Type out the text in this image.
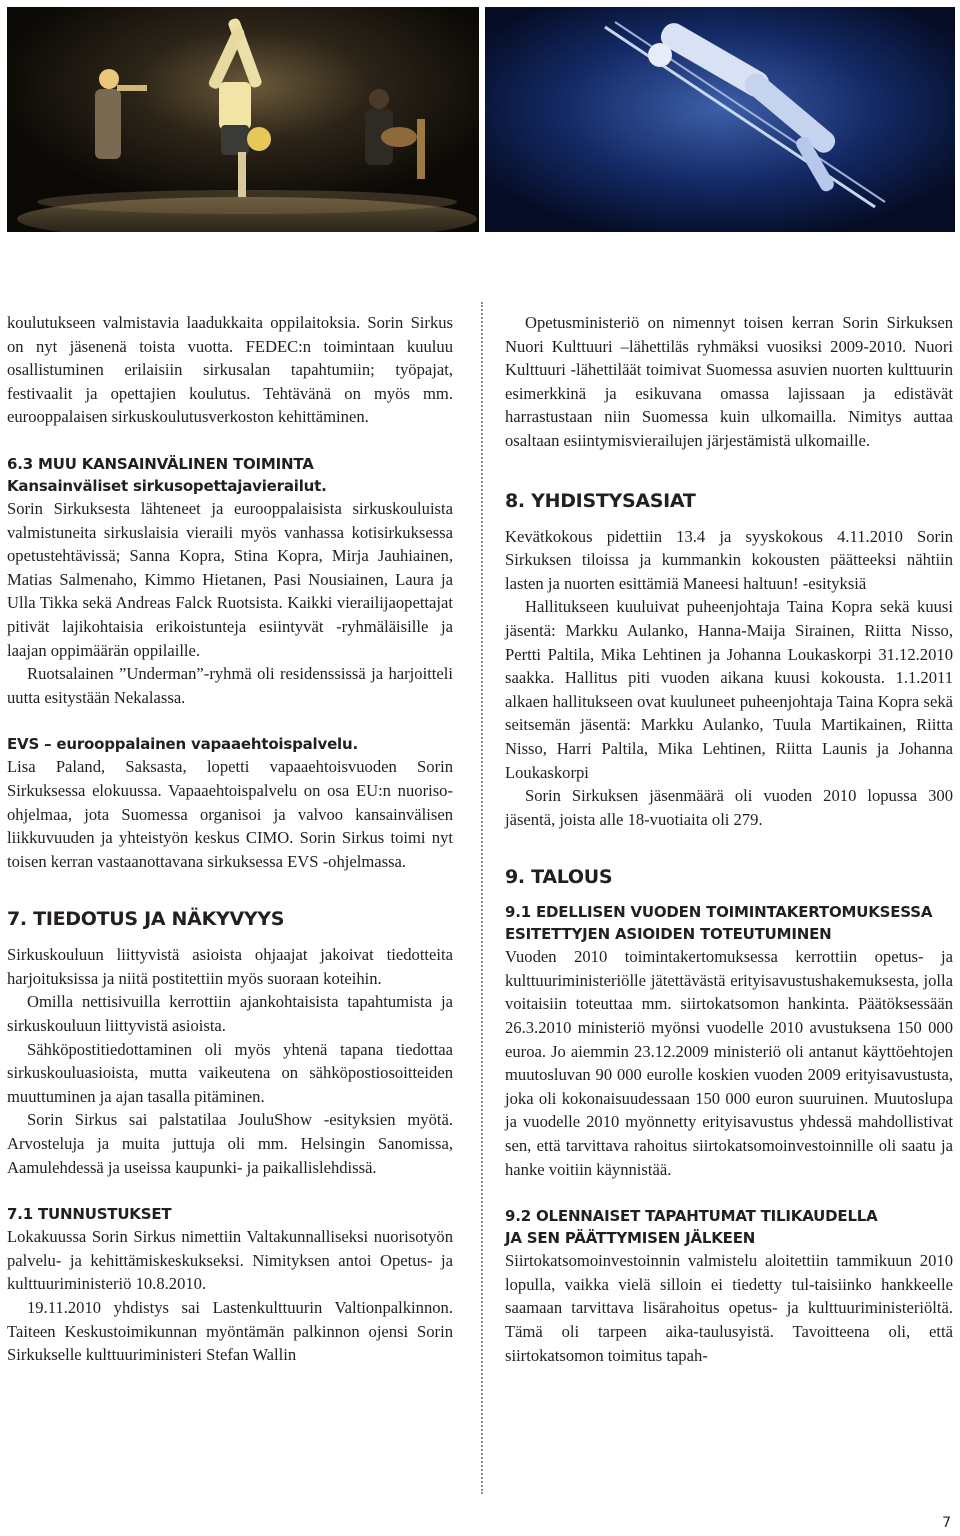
koulutukseen valmistavia laadukkaita oppilaitoksia. Sorin Sirkus on nyt jäsenenä toista vuotta. FEDEC:n toimintaan kuuluu osallistuminen erilaisiin sirkusalan tapahtumiin; työpajat, festivaalit ja opettajien koulutus. Tehtävänä on myös mm. eurooppalaisen sirkuskoulutusverkoston kehittäminen.

6.3 MUU KANSAINVÄLINEN TOIMINTA
Kansainväliset sirkusopettajavierailut.

Sorin Sirkuksesta lähteneet ja eurooppalaisista sirkuskouluista valmistuneita sirkuslaisia vieraili myös vanhassa kotisirkuksessa opetustehtävissä; Sanna Kopra, Stina Kopra, Mirja Jauhiainen, Matias Salmenaho, Kimmo Hietanen, Pasi Nousiainen, Laura ja Ulla Tikka sekä Andreas Falck Ruotsista. Kaikki vierailijaopettajat pitivät lajikohtaisia erikoistunteja esiintyvät -ryhmäläisille ja laajan oppimäärän oppilaille.

Ruotsalainen ”Underman”-ryhmä oli residenssissä ja harjoitteli uutta esitystään Nekalassa.

EVS – eurooppalainen vapaaehtoispalvelu.

Lisa Paland, Saksasta, lopetti vapaaehtoisvuoden Sorin Sirkuksessa elokuussa. Vapaaehtoispalvelu on osa EU:n nuoriso-ohjelmaa, jota Suomessa organisoi ja valvoo kansainvälisen liikkuvuuden ja yhteistyön keskus CIMO. Sorin Sirkus toimi nyt toisen kerran vastaanottavana sirkuksessa EVS -ohjelmassa.

7. TIEDOTUS JA NÄKYVYYS

Sirkuskouluun liittyvistä asioista ohjaajat jakoivat tiedotteita harjoituksissa ja niitä postitettiin myös suoraan koteihin.

Omilla nettisivuilla kerrottiin ajankohtaisista tapahtumista ja sirkuskouluun liittyvistä asioista.

Sähköpostitiedottaminen oli myös yhtenä tapana tiedottaa sirkuskouluasioista, mutta vaikeutena on sähköpostiosoitteiden muuttuminen ja ajan tasalla pitäminen.

Sorin Sirkus sai palstatilaa JouluShow -esityksien myötä. Arvosteluja ja muita juttuja oli mm. Helsingin Sanomissa, Aamulehdessä ja useissa kaupunki- ja paikallislehdissä.

7.1 TUNNUSTUKSET

Lokakuussa Sorin Sirkus nimettiin Valtakunnalliseksi nuorisotyön palvelu- ja kehittämiskeskukseksi. Nimityksen antoi Opetus- ja kulttuuriministeriö 10.8.2010.

19.11.2010 yhdistys sai Lastenkulttuurin Valtionpalkinnon. Taiteen Keskustoimikunnan myöntämän palkinnon ojensi Sorin Sirkukselle kulttuuriministeri Stefan Wallin

Opetusministeriö on nimennyt toisen kerran Sorin Sirkuksen Nuori Kulttuuri –lähettiläs ryhmäksi vuosiksi 2009-2010. Nuori Kulttuuri -lähettiläät toimivat Suomessa asuvien nuorten kulttuurin esimerkkinä ja esikuvana omassa lajissaan ja edistävät harrastustaan niin Suomessa kuin ulkomailla. Nimitys auttaa osaltaan esiintymisvierailujen järjestämistä ulkomaille.

8. YHDISTYSASIAT

Kevätkokous pidettiin 13.4 ja syyskokous 4.11.2010 Sorin Sirkuksen tiloissa ja kummankin kokousten päätteeksi nähtiin lasten ja nuorten esittämiä Maneesi haltuun! -esityksiä

Hallitukseen kuuluivat puheenjohtaja Taina Kopra sekä kuusi jäsentä: Markku Aulanko, Hanna-Maija Sirainen, Riitta Nisso, Pertti Paltila, Mika Lehtinen ja Johanna Loukaskorpi 31.12.2010 saakka. Hallitus piti vuoden aikana kuusi kokousta. 1.1.2011 alkaen hallitukseen ovat kuuluneet puheenjohtaja Taina Kopra sekä seitsemän jäsentä: Markku Aulanko, Tuula Martikainen, Riitta Nisso, Harri Paltila, Mika Lehtinen, Riitta Launis ja Johanna Loukaskorpi

Sorin Sirkuksen jäsenmäärä oli vuoden 2010 lopussa 300 jäsentä, joista alle 18-vuotiaita oli 279.

9. TALOUS
9.1 EDELLISEN VUODEN TOIMINTAKERTOMUKSESSA
ESITETTYJEN ASIOIDEN TOTEUTUMINEN

Vuoden 2010 toimintakertomuksessa kerrottiin opetus- ja kulttuuriministeriölle jätettävästä erityisavustushakemuksesta, jolla voitaisiin toteuttaa mm. siirtokatsomon hankinta. Päätöksessään 26.3.2010 ministeriö myönsi vuodelle 2010 avustuksena 150 000 euroa. Jo aiemmin 23.12.2009 ministeriö oli antanut käyttöehtojen muutosluvan 90 000 eurolle koskien vuoden 2009 erityisavustusta, joka oli kokonaisuudessaan 150 000 euron suuruinen. Muutoslupa ja vuodelle 2010 myönnetty erityisavustus yhdessä mahdollistivat sen, että tarvittava rahoitus siirtokatsomoinvestoinnille oli saatu ja hanke voitiin käynnistää.

9.2 OLENNAISET TAPAHTUMAT TILIKAUDELLA
JA SEN PÄÄTTYMISEN JÄLKEEN

Siirtokatsomoinvestoinnin valmistelu aloitettiin tammikuun 2010 lopulla, vaikka vielä silloin ei tiedetty tul-taisiinko hankkeelle saamaan tarvittava lisärahoitus opetus- ja kulttuuriministeriöltä. Tämä oli tarpeen aika-taulusyistä. Tavoitteena oli, että siirtokatsomon toimitus tapah-

7
